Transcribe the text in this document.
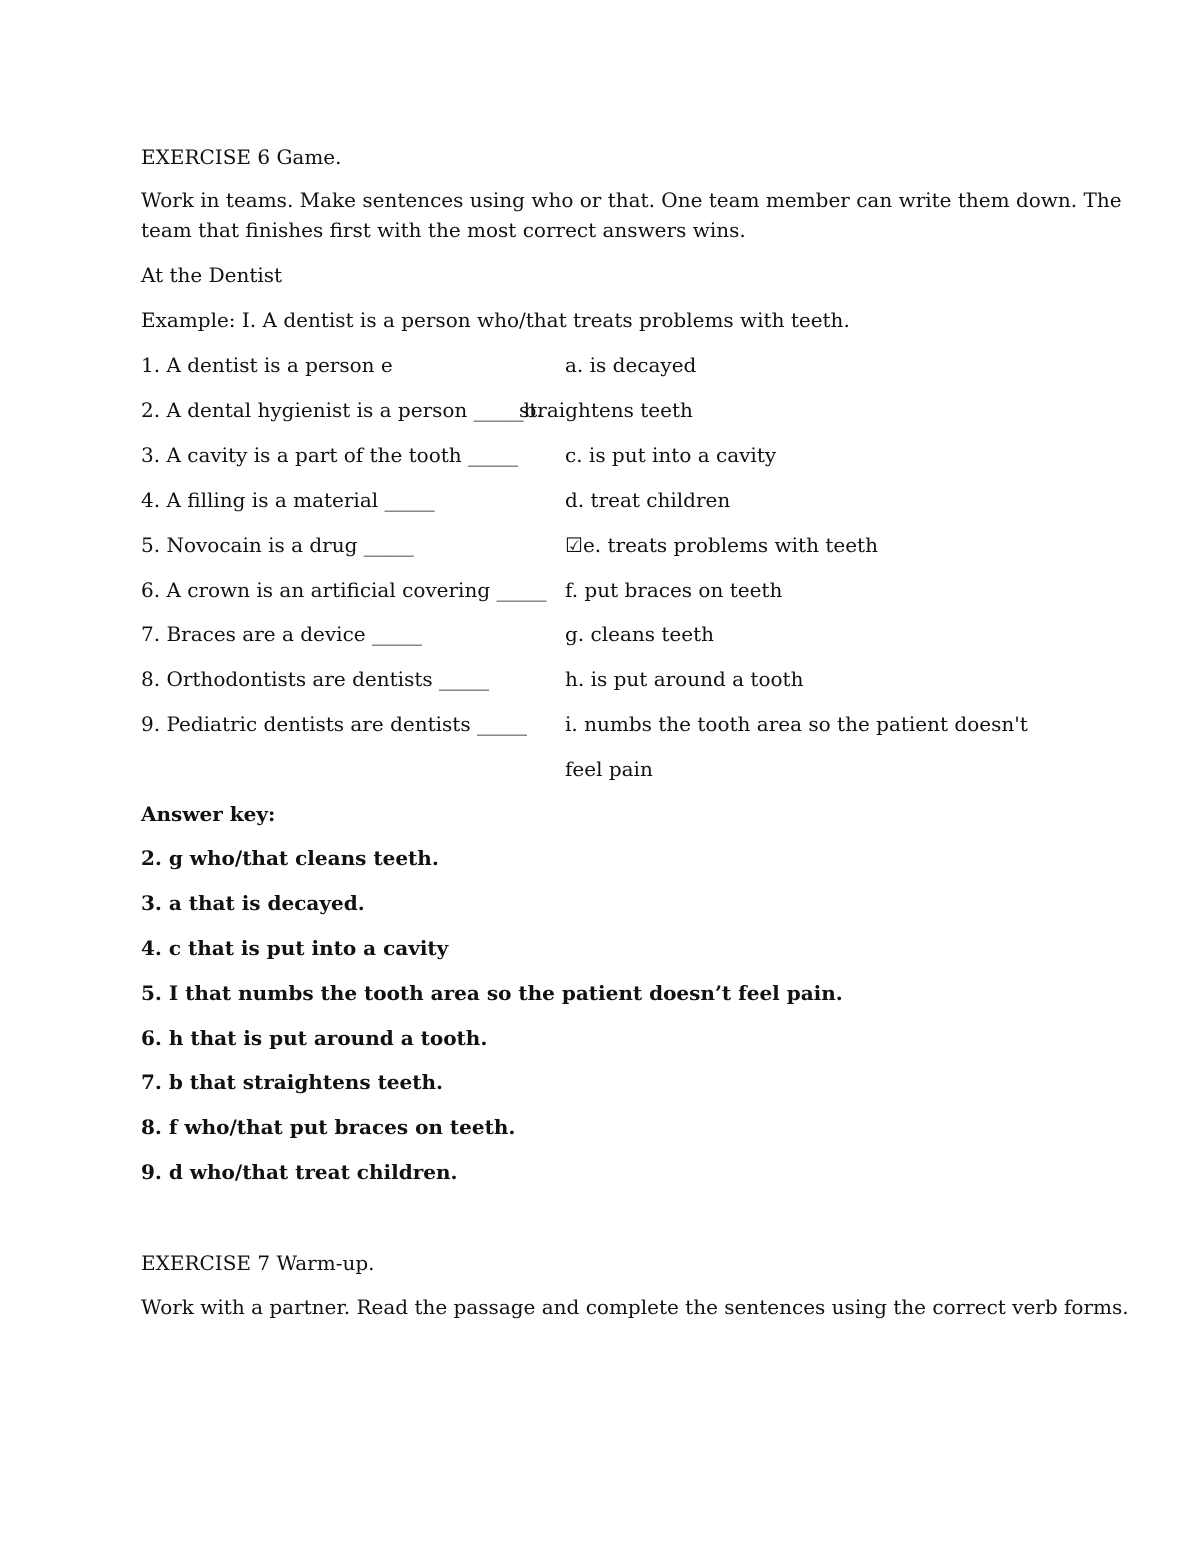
EXERCISE 6 Game.
Work in teams. Make sentences using who or that. One team member can write them down. The
team that finishes first with the most correct answers wins.
At the Dentist
Example: I. A dentist is a person who/that treats problems with teeth.
1. A dentist is a person e
2. A dental hygienist is a person _____b.
3. A cavity is a part of the tooth _____
4. A filling is a material _____
5. Novocain is a drug _____
6. A crown is an artificial covering _____
7. Braces are a device _____
8. Orthodontists are dentists _____
9. Pediatric dentists are dentists _____
a. is decayed
straightens teeth
c. is put into a cavity
d. treat children
☑e. treats problems with teeth
f. put braces on teeth
g. cleans teeth
h. is put around a tooth
i. numbs the tooth area so the patient doesn't
feel pain
Answer key:
2. g who/that cleans teeth.
3. a that is decayed.
4. c that is put into a cavity
5. I that numbs the tooth area so the patient doesn’t feel pain.
6. h that is put around a tooth.
7. b that straightens teeth.
8. f who/that put braces on teeth.
9. d who/that treat children.
EXERCISE 7 Warm-up.
Work with a partner. Read the passage and complete the sentences using the correct verb forms.
